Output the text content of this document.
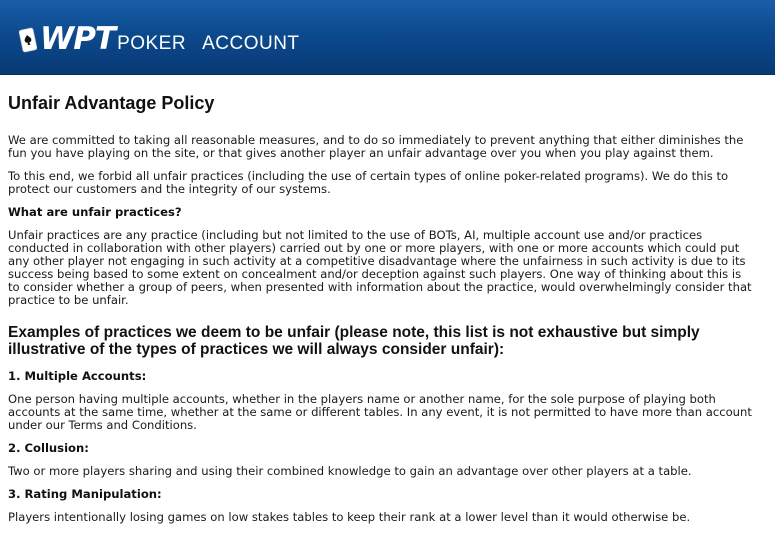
WPT POKER ACCOUNT
Unfair Advantage Policy

We are committed to taking all reasonable measures, and to do so immediately to prevent anything that either diminishes the fun you have playing on the site, or that gives another player an unfair advantage over you when you play against them.

To this end, we forbid all unfair practices (including the use of certain types of online poker-related programs). We do this to protect our customers and the integrity of our systems.

What are unfair practices?

Unfair practices are any practice (including but not limited to the use of BOTs, AI, multiple account use and/or practices conducted in collaboration with other players) carried out by one or more players, with one or more accounts which could put any other player not engaging in such activity at a competitive disadvantage where the unfairness in such activity is due to its success being based to some extent on concealment and/or deception against such players. One way of thinking about this is to consider whether a group of peers, when presented with information about the practice, would overwhelmingly consider that practice to be unfair.

Examples of practices we deem to be unfair (please note, this list is not exhaustive but simply illustrative of the types of practices we will always consider unfair):
1. Multiple Accounts:

One person having multiple accounts, whether in the players name or another name, for the sole purpose of playing both accounts at the same time, whether at the same or different tables. In any event, it is not permitted to have more than account under our Terms and Conditions.

2. Collusion:

Two or more players sharing and using their combined knowledge to gain an advantage over other players at a table.

3. Rating Manipulation:

Players intentionally losing games on low stakes tables to keep their rank at a lower level than it would otherwise be.
